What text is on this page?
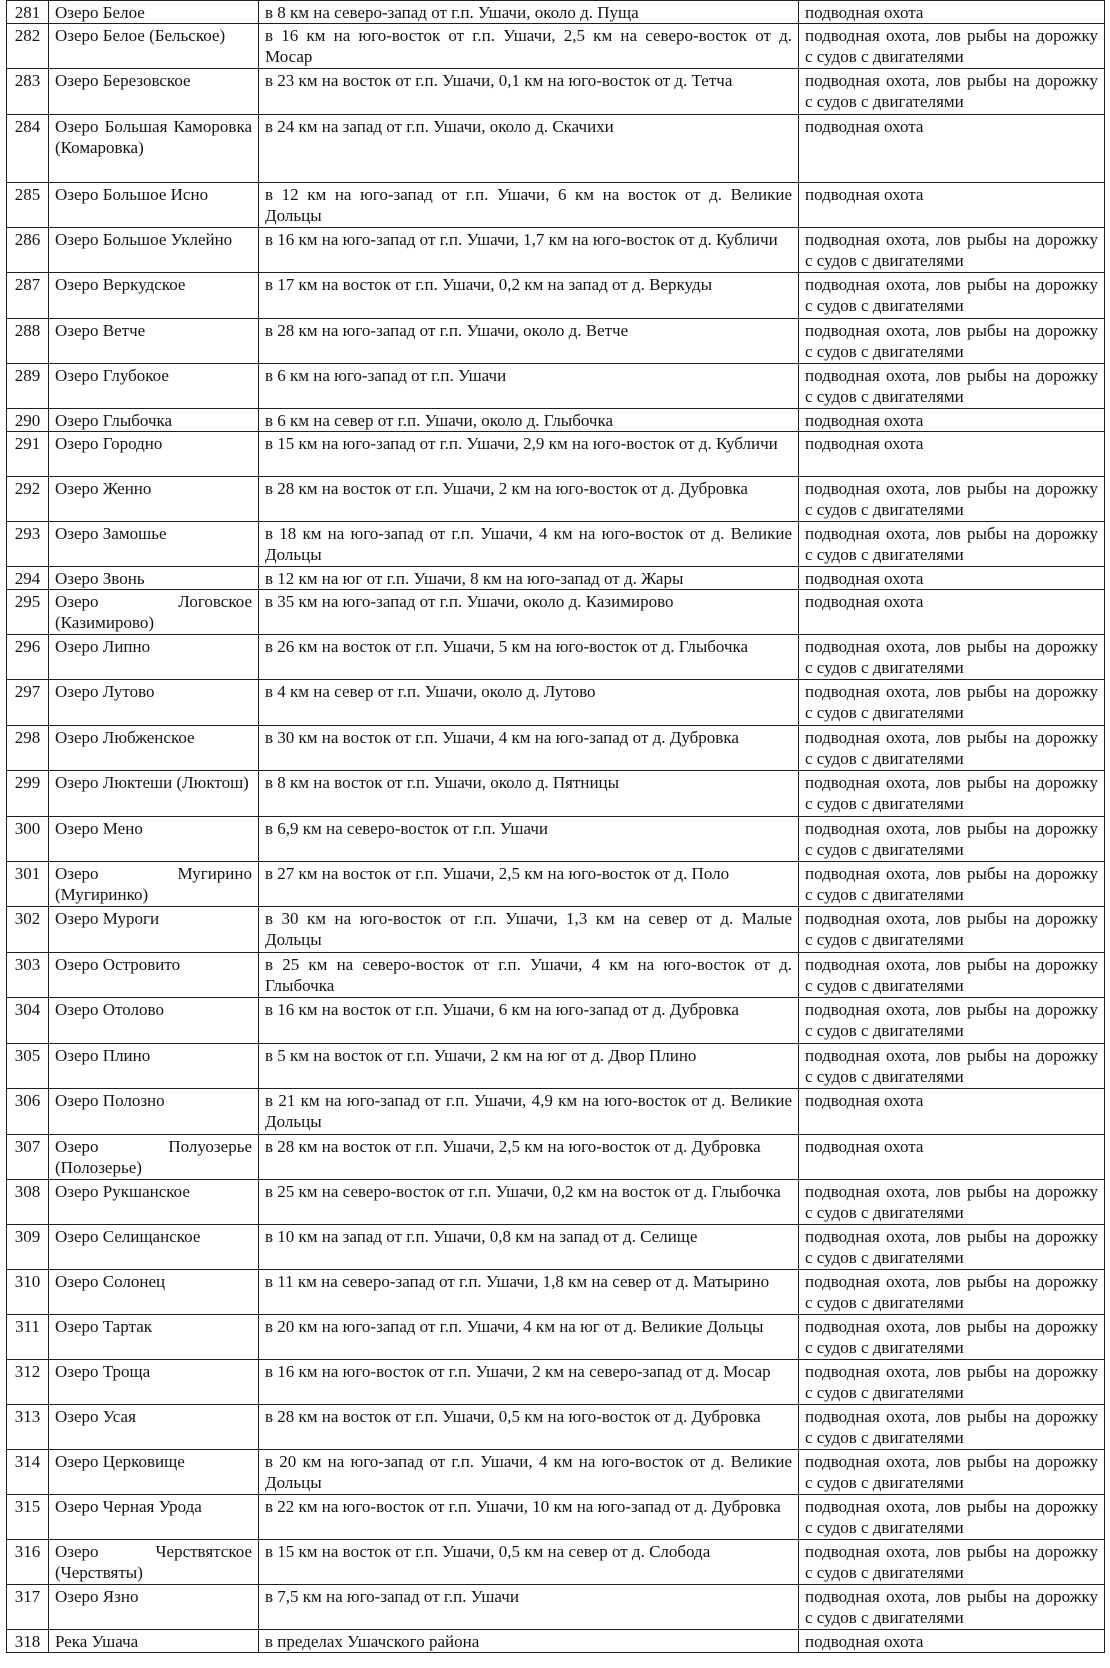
281	Озеро Белое	в 8 км на северо-запад от г.п. Ушачи, около д. Пуща	подводная охота
282	Озеро Белое (Бельское)	в 16 км на юго-восток от г.п. Ушачи, 2,5 км на северо-восток от д. Мосар	подводная охота, лов рыбы на дорожку с судов с двигателями
283	Озеро Березовское	в 23 км на восток от г.п. Ушачи, 0,1 км на юго-восток от д. Тетча	подводная охота, лов рыбы на дорожку с судов с двигателями
284	Озеро Большая Каморовка (Комаровка)	в 24 км на запад от г.п. Ушачи, около д. Скачихи	подводная охота
285	Озеро Большое Исно	в 12 км на юго-запад от г.п. Ушачи, 6 км на восток от д. Великие Дольцы	подводная охота
286	Озеро Большое Уклейно	в 16 км на юго-запад от г.п. Ушачи, 1,7 км на юго-восток от д. Кубличи	подводная охота, лов рыбы на дорожку с судов с двигателями
287	Озеро Веркудское	в 17 км на восток от г.п. Ушачи, 0,2 км на запад от д. Веркуды	подводная охота, лов рыбы на дорожку с судов с двигателями
288	Озеро Ветче	в 28 км на юго-запад от г.п. Ушачи, около д. Ветче	подводная охота, лов рыбы на дорожку с судов с двигателями
289	Озеро Глубокое	в 6 км на юго-запад от г.п. Ушачи	подводная охота, лов рыбы на дорожку с судов с двигателями
290	Озеро Глыбочка	в 6 км на север от г.п. Ушачи, около д. Глыбочка	подводная охота
291	Озеро Городно	в 15 км на юго-запад от г.п. Ушачи, 2,9 км на юго-восток от д. Кубличи	подводная охота
292	Озеро Женно	в 28 км на восток от г.п. Ушачи, 2 км на юго-восток от д. Дубровка	подводная охота, лов рыбы на дорожку с судов с двигателями
293	Озеро Замошье	в 18 км на юго-запад от г.п. Ушачи, 4 км на юго-восток от д. Великие Дольцы	подводная охота, лов рыбы на дорожку с судов с двигателями
294	Озеро Звонь	в 12 км на юг от г.п. Ушачи, 8 км на юго-запад от д. Жары	подводная охота
295	Озеро Логовское (Казимирово)	в 35 км на юго-запад от г.п. Ушачи, около д. Казимирово	подводная охота
296	Озеро Липно	в 26 км на восток от г.п. Ушачи, 5 км на юго-восток от д. Глыбочка	подводная охота, лов рыбы на дорожку с судов с двигателями
297	Озеро Лутово	в 4 км на север от г.п. Ушачи, около д. Лутово	подводная охота, лов рыбы на дорожку с судов с двигателями
298	Озеро Любженское	в 30 км на восток от г.п. Ушачи, 4 км на юго-запад от д. Дубровка	подводная охота, лов рыбы на дорожку с судов с двигателями
299	Озеро Люктеши (Люктош)	в 8 км на восток от г.п. Ушачи, около д. Пятницы	подводная охота, лов рыбы на дорожку с судов с двигателями
300	Озеро Мено	в 6,9 км на северо-восток от г.п. Ушачи	подводная охота, лов рыбы на дорожку с судов с двигателями
301	Озеро Мугирино (Мугиринко)	в 27 км на восток от г.п. Ушачи, 2,5 км на юго-восток от д. Поло	подводная охота, лов рыбы на дорожку с судов с двигателями
302	Озеро Муроги	в 30 км на юго-восток от г.п. Ушачи, 1,3 км на север от д. Малые Дольцы	подводная охота, лов рыбы на дорожку с судов с двигателями
303	Озеро Островито	в 25 км на северо-восток от г.п. Ушачи, 4 км на юго-восток от д. Глыбочка	подводная охота, лов рыбы на дорожку с судов с двигателями
304	Озеро Отолово	в 16 км на восток от г.п. Ушачи, 6 км на юго-запад от д. Дубровка	подводная охота, лов рыбы на дорожку с судов с двигателями
305	Озеро Плино	в 5 км на восток от г.п. Ушачи, 2 км на юг от д. Двор Плино	подводная охота, лов рыбы на дорожку с судов с двигателями
306	Озеро Полозно	в 21 км на юго-запад от г.п. Ушачи, 4,9 км на юго-восток от д. Великие Дольцы	подводная охота
307	Озеро Полуозерье (Полозерье)	в 28 км на восток от г.п. Ушачи, 2,5 км на юго-восток от д. Дубровка	подводная охота
308	Озеро Рукшанское	в 25 км на северо-восток от г.п. Ушачи, 0,2 км на восток от д. Глыбочка	подводная охота, лов рыбы на дорожку с судов с двигателями
309	Озеро Селищанское	в 10 км на запад от г.п. Ушачи, 0,8 км на запад от д. Селище	подводная охота, лов рыбы на дорожку с судов с двигателями
310	Озеро Солонец	в 11 км на северо-запад от г.п. Ушачи, 1,8 км на север от д. Матырино	подводная охота, лов рыбы на дорожку с судов с двигателями
311	Озеро Тартак	в 20 км на юго-запад от г.п. Ушачи, 4 км на юг от д. Великие Дольцы	подводная охота, лов рыбы на дорожку с судов с двигателями
312	Озеро Троща	в 16 км на юго-восток от г.п. Ушачи, 2 км на северо-запад от д. Мосар	подводная охота, лов рыбы на дорожку с судов с двигателями
313	Озеро Усая	в 28 км на восток от г.п. Ушачи, 0,5 км на юго-восток от д. Дубровка	подводная охота, лов рыбы на дорожку с судов с двигателями
314	Озеро Церковище	в 20 км на юго-запад от г.п. Ушачи, 4 км на юго-восток от д. Великие Дольцы	подводная охота, лов рыбы на дорожку с судов с двигателями
315	Озеро Черная Урода	в 22 км на юго-восток от г.п. Ушачи, 10 км на юго-запад от д. Дубровка	подводная охота, лов рыбы на дорожку с судов с двигателями
316	Озеро Черствятское (Черствяты)	в 15 км на восток от г.п. Ушачи, 0,5 км на север от д. Слобода	подводная охота, лов рыбы на дорожку с судов с двигателями
317	Озеро Язно	в 7,5 км на юго-запад от г.п. Ушачи	подводная охота, лов рыбы на дорожку с судов с двигателями
318	Река Ушача	в пределах Ушачского района	подводная охота
